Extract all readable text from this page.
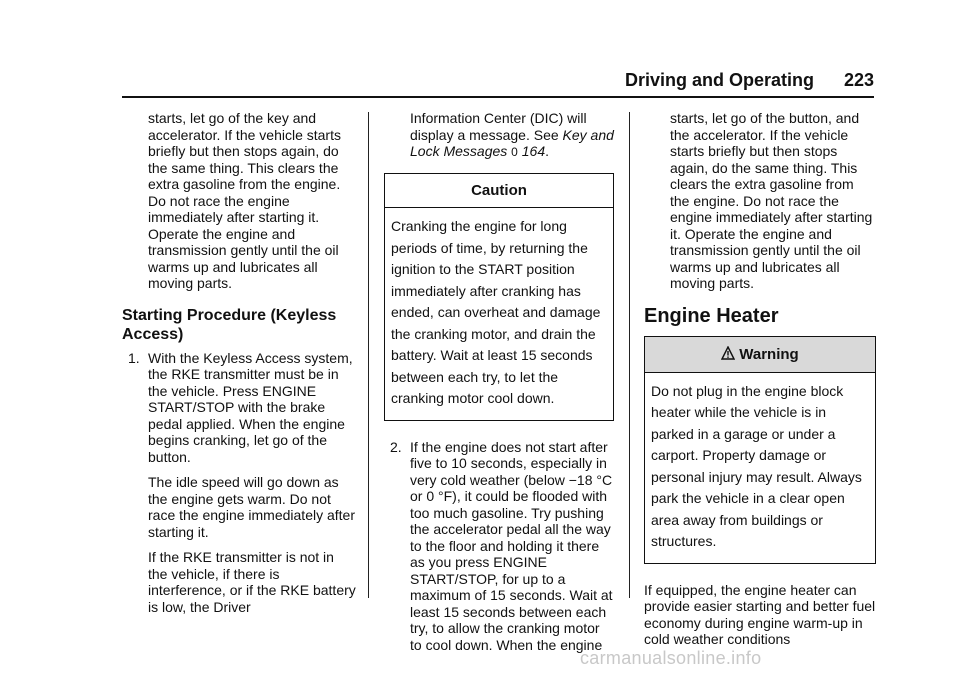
Driving and Operating 223

starts, let go of the key and accelerator. If the vehicle starts briefly but then stops again, do the same thing. This clears the extra gasoline from the engine. Do not race the engine immediately after starting it. Operate the engine and transmission gently until the oil warms up and lubricates all moving parts.

Starting Procedure (Keyless Access)
1. With the Keyless Access system, the RKE transmitter must be in the vehicle. Press ENGINE START/STOP with the brake pedal applied. When the engine begins cranking, let go of the button.

The idle speed will go down as the engine gets warm. Do not race the engine immediately after starting it.

If the RKE transmitter is not in the vehicle, if there is interference, or if the RKE battery is low, the Driver

Information Center (DIC) will display a message. See Key and Lock Messages 0 164.

Caution
Cranking the engine for long periods of time, by returning the ignition to the START position immediately after cranking has ended, can overheat and damage the cranking motor, and drain the battery. Wait at least 15 seconds between each try, to let the cranking motor cool down.
2. If the engine does not start after five to 10 seconds, especially in very cold weather (below −18 °C or 0 °F), it could be flooded with too much gasoline. Try pushing the accelerator pedal all the way to the floor and holding it there as you press ENGINE START/STOP, for up to a maximum of 15 seconds. Wait at least 15 seconds between each try, to allow the cranking motor to cool down. When the engine

starts, let go of the button, and the accelerator. If the vehicle starts briefly but then stops again, do the same thing. This clears the extra gasoline from the engine. Do not race the engine immediately after starting it. Operate the engine and transmission gently until the oil warms up and lubricates all moving parts.

Engine Heater
Warning
Do not plug in the engine block heater while the vehicle is in parked in a garage or under a carport. Property damage or personal injury may result. Always park the vehicle in a clear open area away from buildings or structures.

If equipped, the engine heater can provide easier starting and better fuel economy during engine warm-up in cold weather conditions

carmanualsonline.info
